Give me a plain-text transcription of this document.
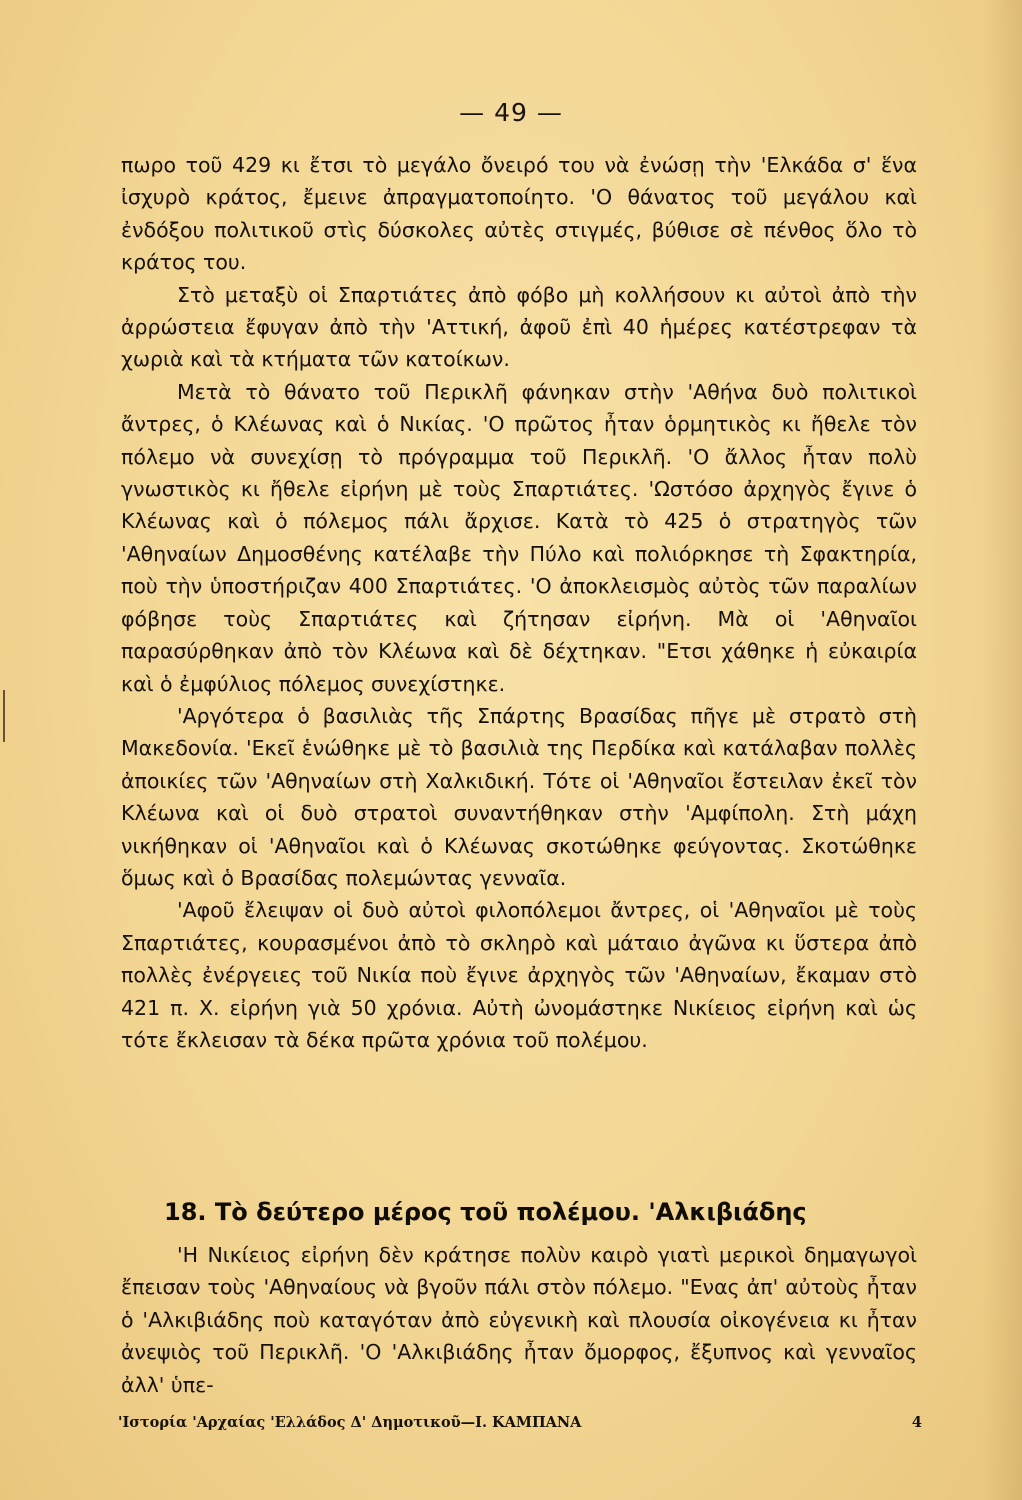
— 49 —

πωρο τοῦ 429 κι ἔτσι τὸ μεγάλο ὄνειρό του νὰ ἐνώσῃ τὴν 'Ελκάδα σ' ἕνα ἰσχυρὸ κράτος, ἔμεινε ἀπραγματοποίητο. 'Ο θάνατος τοῦ μεγάλου καὶ ἐνδόξου πολιτικοῦ στὶς δύσκολες αὐτὲς στιγμές, βύθισε σὲ πένθος ὅλο τὸ κράτος του.

Στὸ μεταξὺ οἱ Σπαρτιάτες ἀπὸ φόβο μὴ κολλήσουν κι αὐτοὶ ἀπὸ τὴν ἀρρώστεια ἔφυγαν ἀπὸ τὴν 'Αττική, ἀφοῦ ἐπὶ 40 ἡμέρες κατέστρεφαν τὰ χωριὰ καὶ τὰ κτήματα τῶν κατοίκων.

Μετὰ τὸ θάνατο τοῦ Περικλῆ φάνηκαν στὴν 'Αθήνα δυὸ πολιτικοὶ ἄντρες, ὁ Κλέωνας καὶ ὁ Νικίας. 'Ο πρῶτος ἦταν ὁρμητικὸς κι ἤθελε τὸν πόλεμο νὰ συνεχίσῃ τὸ πρόγραμμα τοῦ Περικλῆ. 'Ο ἄλλος ἦταν πολὺ γνωστικὸς κι ἤθελε εἰρήνη μὲ τοὺς Σπαρτιάτες. 'Ωστόσο ἀρχηγὸς ἔγινε ὁ Κλέωνας καὶ ὁ πόλεμος πάλι ἄρχισε. Κατὰ τὸ 425 ὁ στρατηγὸς τῶν 'Αθηναίων Δημοσθένης κατέλαβε τὴν Πύλο καὶ πολιόρκησε τὴ Σφακτηρία, ποὺ τὴν ὑποστήριζαν 400 Σπαρτιάτες. 'Ο ἀποκλεισμὸς αὐτὸς τῶν παραλίων φόβησε τοὺς Σπαρτιάτες καὶ ζήτησαν εἰρήνη. Μὰ οἱ 'Αθηναῖοι παρασύρθηκαν ἀπὸ τὸν Κλέωνα καὶ δὲ δέχτηκαν. "Ετσι χάθηκε ἡ εὐκαιρία καὶ ὁ ἐμφύλιος πόλεμος συνεχίστηκε.

'Αργότερα ὁ βασιλιὰς τῆς Σπάρτης Βρασίδας πῆγε μὲ στρατὸ στὴ Μακεδονία. 'Εκεῖ ἑνώθηκε μὲ τὸ βασιλιὰ της Περδίκα καὶ κατάλαβαν πολλὲς ἀποικίες τῶν 'Αθηναίων στὴ Χαλκιδική. Τότε οἱ 'Αθηναῖοι ἔστειλαν ἐκεῖ τὸν Κλέωνα καὶ οἱ δυὸ στρατοὶ συναντήθηκαν στὴν 'Αμφίπολη. Στὴ μάχη νικήθηκαν οἱ 'Αθηναῖοι καὶ ὁ Κλέωνας σκοτώθηκε φεύγοντας. Σκοτώθηκε ὅμως καὶ ὁ Βρασίδας πολεμώντας γενναῖα.

'Αφοῦ ἔλειψαν οἱ δυὸ αὐτοὶ φιλοπόλεμοι ἄντρες, οἱ 'Αθηναῖοι μὲ τοὺς Σπαρτιάτες, κουρασμένοι ἀπὸ τὸ σκληρὸ καὶ μάταιο ἀγῶνα κι ὕστερα ἀπὸ πολλὲς ἐνέργειες τοῦ Νικία ποὺ ἔγινε ἀρχηγὸς τῶν 'Αθηναίων, ἔκαμαν στὸ 421 π. Χ. εἰρήνη γιὰ 50 χρόνια. Αὐτὴ ὠνομάστηκε Νικίειος εἰρήνη καὶ ὡς τότε ἔκλεισαν τὰ δέκα πρῶτα χρόνια τοῦ πολέμου.

18. Τὸ δεύτερο μέρος τοῦ πολέμου. 'Αλκιβιάδης

'Η Νικίειος εἰρήνη δὲν κράτησε πολὺν καιρὸ γιατὶ μερικοὶ δημαγωγοὶ ἔπεισαν τοὺς 'Αθηναίους νὰ βγοῦν πάλι στὸν πόλεμο. "Ενας ἀπ' αὐτοὺς ἦταν ὁ 'Αλκιβιάδης ποὺ καταγόταν ἀπὸ εὐγενικὴ καὶ πλουσία οἰκογένεια κι ἦταν ἀνεψιὸς τοῦ Περικλῆ. 'Ο 'Αλκιβιάδης ἦταν ὄμορφος, ἔξυπνος καὶ γενναῖος ἀλλ' ὑπε-

'Ιστορία 'Αρχαίας 'Ελλάδος Δ' Δημοτικοῦ—Ι. ΚΑΜΠΑΝΑ	4
